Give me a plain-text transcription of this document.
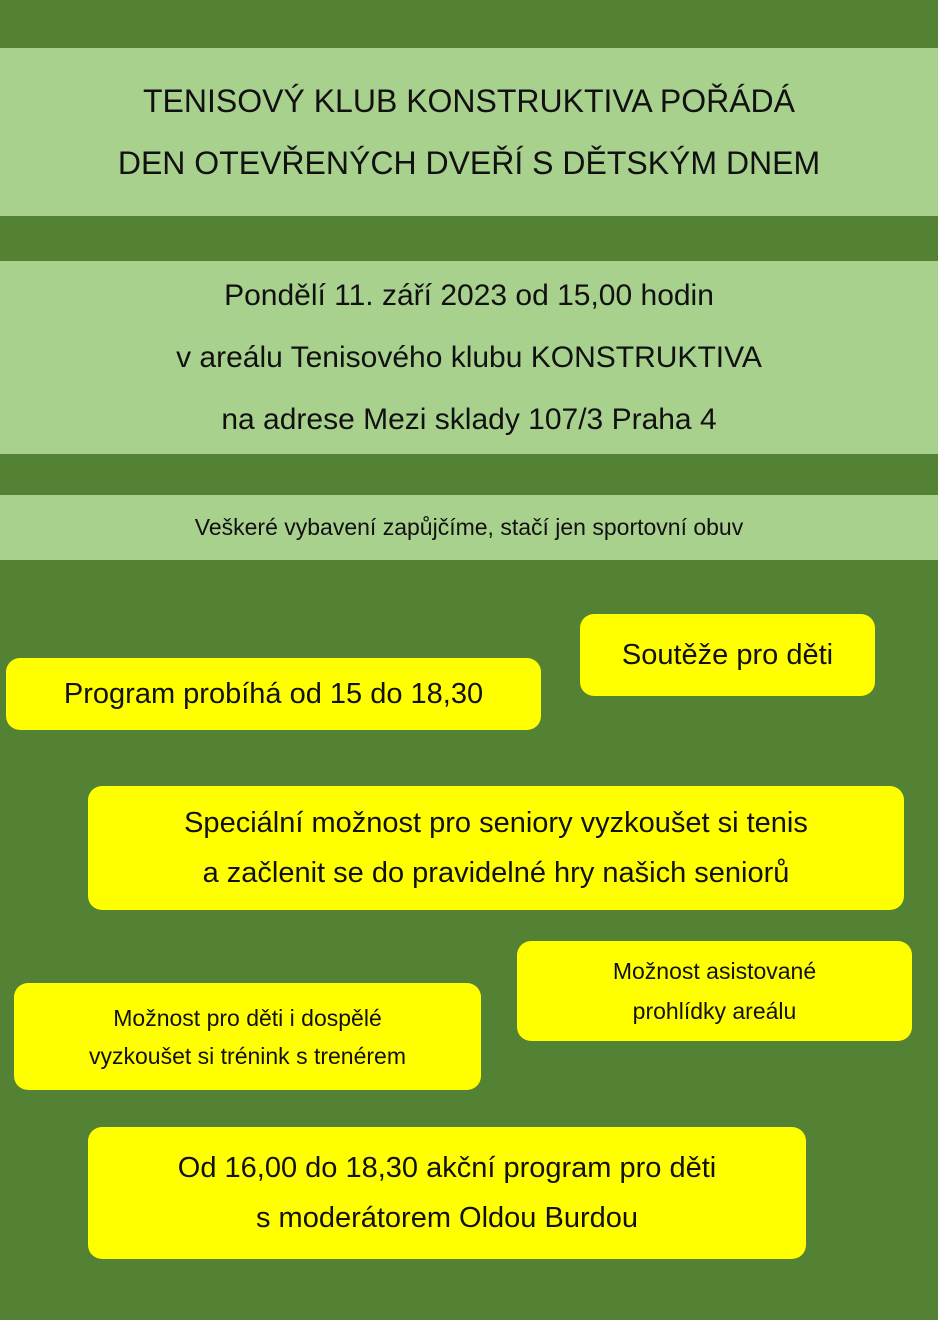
TENISOVÝ KLUB KONSTRUKTIVA POŘÁDÁ
DEN OTEVŘENÝCH DVEŘÍ S DĚTSKÝM DNEM
Pondělí 11. září 2023 od 15,00 hodin
v areálu Tenisového klubu KONSTRUKTIVA
na adrese Mezi sklady 107/3 Praha 4
Veškeré vybavení zapůjčíme, stačí jen sportovní obuv
Soutěže pro děti
Program probíhá od 15 do 18,30
Speciální možnost pro seniory vyzkoušet si tenis
a začlenit se do pravidelné hry našich seniorů
Možnost asistované
prohlídky areálu
Možnost pro děti i dospělé
vyzkoušet si trénink s trenérem
Od 16,00 do 18,30 akční program pro děti
s moderátorem Oldou Burdou
